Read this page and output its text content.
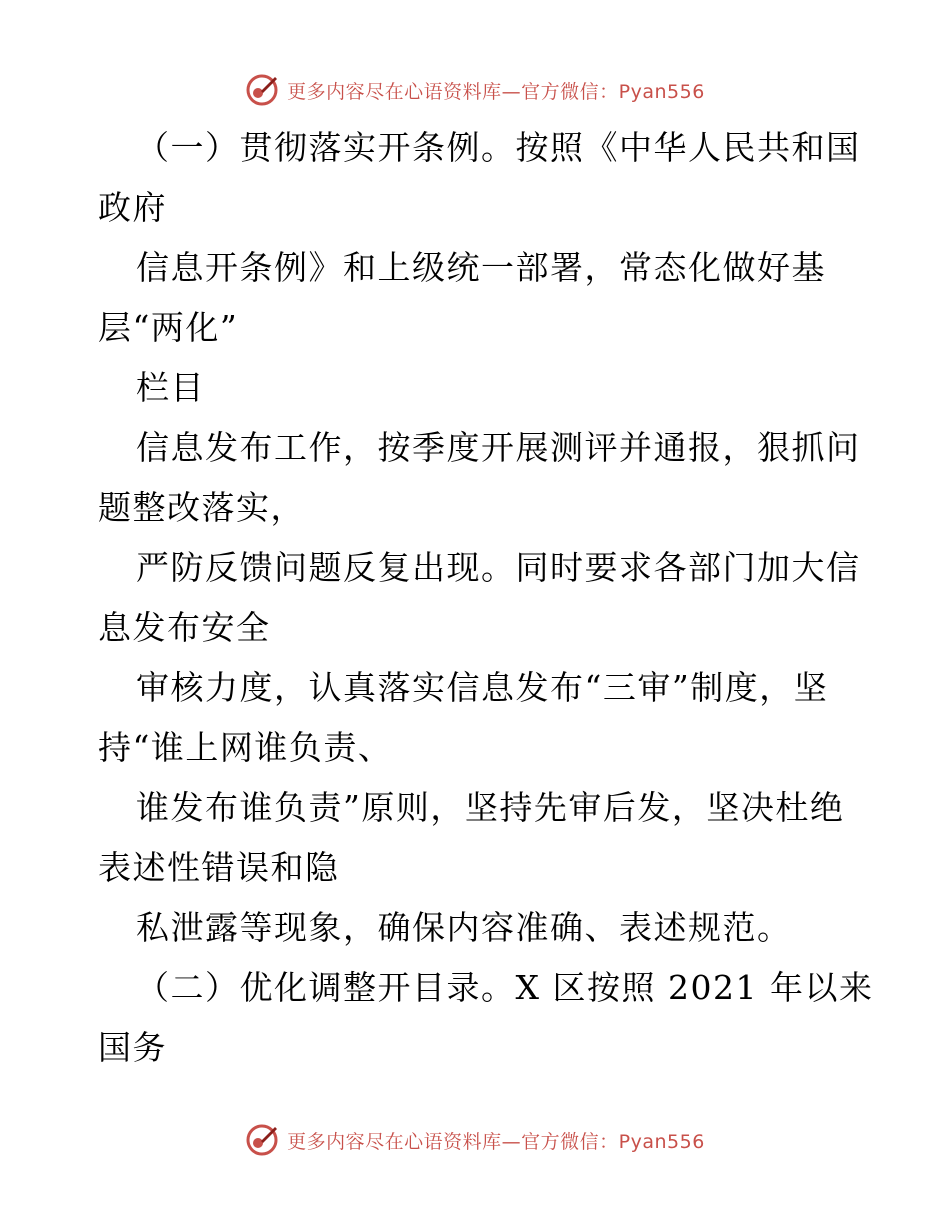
更多内容尽在心语资料库—官方微信：Pyan556
（一）贯彻落实开条例。按照《中华人民共和国
政府
信息开条例》和上级统一部署，常态化做好基
层“两化”
栏目
信息发布工作，按季度开展测评并通报，狠抓问
题整改落实，
严防反馈问题反复出现。同时要求各部门加大信
息发布安全
审核力度，认真落实信息发布“三审”制度，坚
持“谁上网谁负责、
谁发布谁负责”原则，坚持先审后发，坚决杜绝
表述性错误和隐
私泄露等现象，确保内容准确、表述规范。
（二）优化调整开目录。X 区按照 2021 年以来
国务
更多内容尽在心语资料库—官方微信：Pyan556
